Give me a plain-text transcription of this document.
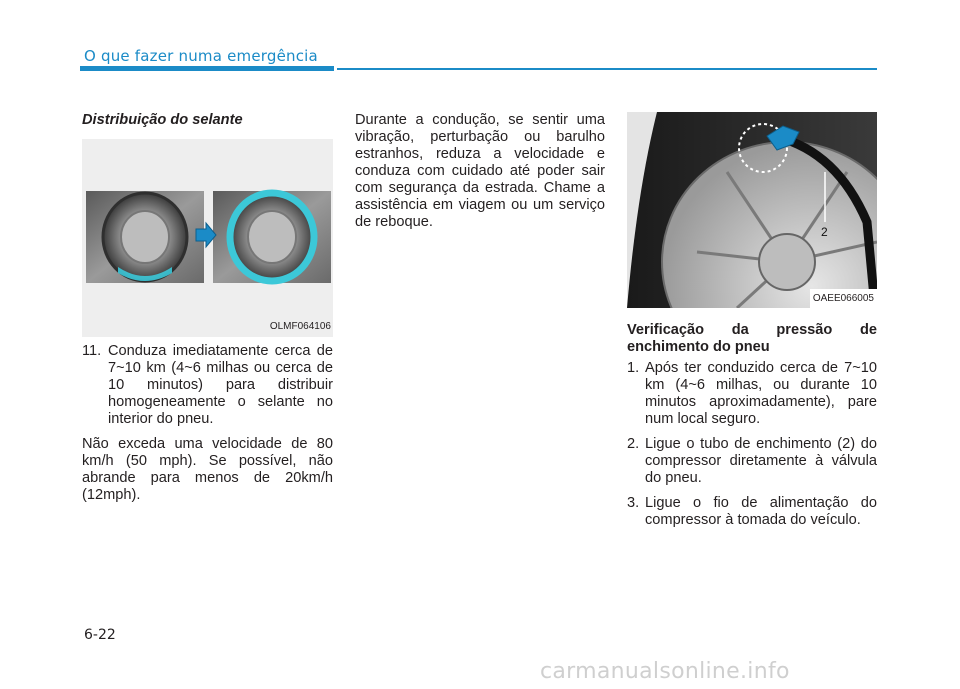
O que fazer numa emergência
Distribuição do selante
OLMF064106
11. Conduza imediatamente cerca de 7~10 km (4~6 milhas ou cerca de 10 minutos) para distribuir homogeneamente o selante no interior do pneu.

Não exceda uma velocidade de 80 km/h (50 mph). Se possível, não abrande para menos de 20km/h (12mph).

Durante a condução, se sentir uma vibração, perturbação ou barulho estranhos, reduza a velocidade e conduza com cuidado até poder sair com segurança da estrada. Chame a assistência em viagem ou um serviço de reboque.

2
OAEE066005
Verificação da pressão de enchimento do pneu
1. Após ter conduzido cerca de 7~10 km (4~6 milhas, ou durante 10 minutos aproximadamente), pare num local seguro.
2. Ligue o tubo de enchimento (2) do compressor diretamente à válvula do pneu.
3. Ligue o fio de alimentação do compressor à tomada do veículo.
6-22
carmanualsonline.info
